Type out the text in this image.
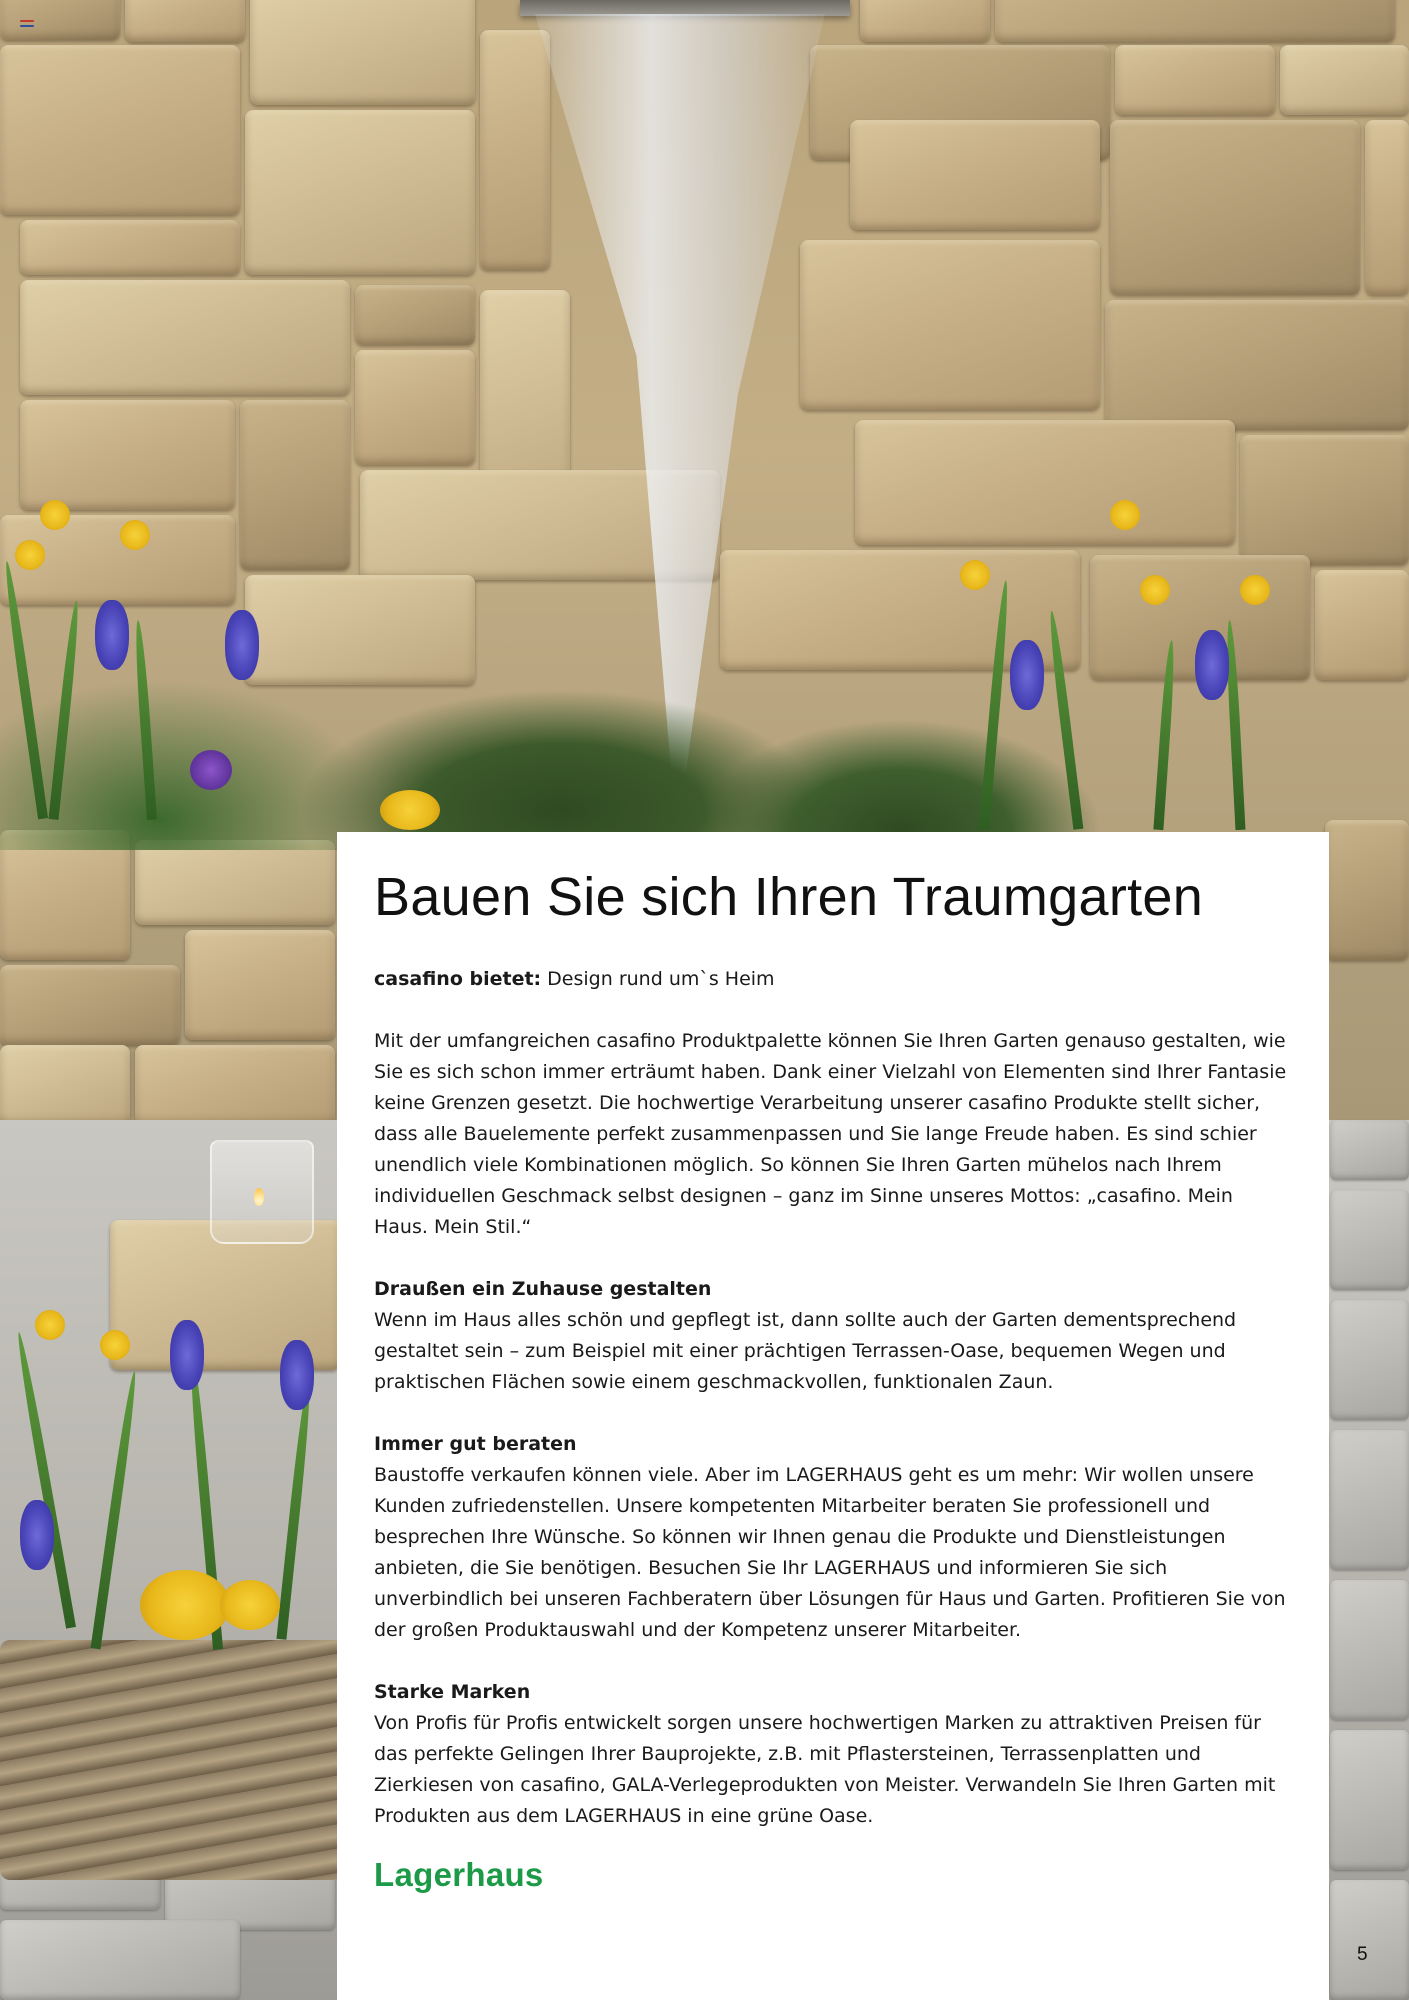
Bauen Sie sich Ihren Traumgarten

casafino bietet: Design rund um`s Heim

Mit der umfangreichen casafino Produktpalette können Sie Ihren Garten genauso gestalten, wie Sie es sich schon immer erträumt haben. Dank einer Vielzahl von Elementen sind Ihrer Fantasie keine Grenzen gesetzt. Die hochwertige Verarbeitung unserer casafino Produkte stellt sicher, dass alle Bauelemente perfekt zusammenpassen und Sie lange Freude haben. Es sind schier unendlich viele Kombinationen möglich. So können Sie Ihren Garten mühelos nach Ihrem individuellen Geschmack selbst designen – ganz im Sinne unseres Mottos: „casafino. Mein Haus. Mein Stil.“

Draußen ein Zuhause gestalten
Wenn im Haus alles schön und gepflegt ist, dann sollte auch der Garten dementsprechend gestaltet sein – zum Beispiel mit einer prächtigen Terrassen-Oase, bequemen Wegen und praktischen Flächen sowie einem geschmackvollen, funktionalen Zaun.

Immer gut beraten
Baustoffe verkaufen können viele. Aber im LAGERHAUS geht es um mehr: Wir wollen unsere Kunden zufriedenstellen. Unsere kompetenten Mitarbeiter beraten Sie professionell und besprechen Ihre Wünsche. So können wir Ihnen genau die Produkte und Dienstleistungen anbieten, die Sie benötigen. Besuchen Sie Ihr LAGERHAUS und informieren Sie sich unverbindlich bei unseren Fachberatern über Lösungen für Haus und Garten. Profitieren Sie von der großen Produktauswahl und der Kompetenz unserer Mitarbeiter.

Starke Marken
Von Profis für Profis entwickelt sorgen unsere hochwertigen Marken zu attraktiven Preisen für das perfekte Gelingen Ihrer Bauprojekte, z.B. mit Pflastersteinen, Terrassenplatten und Zierkiesen von casafino, GALA-Verlegeprodukten von Meister. Verwandeln Sie Ihren Garten mit Produkten aus dem LAGERHAUS in eine grüne Oase.

Lagerhaus
5
